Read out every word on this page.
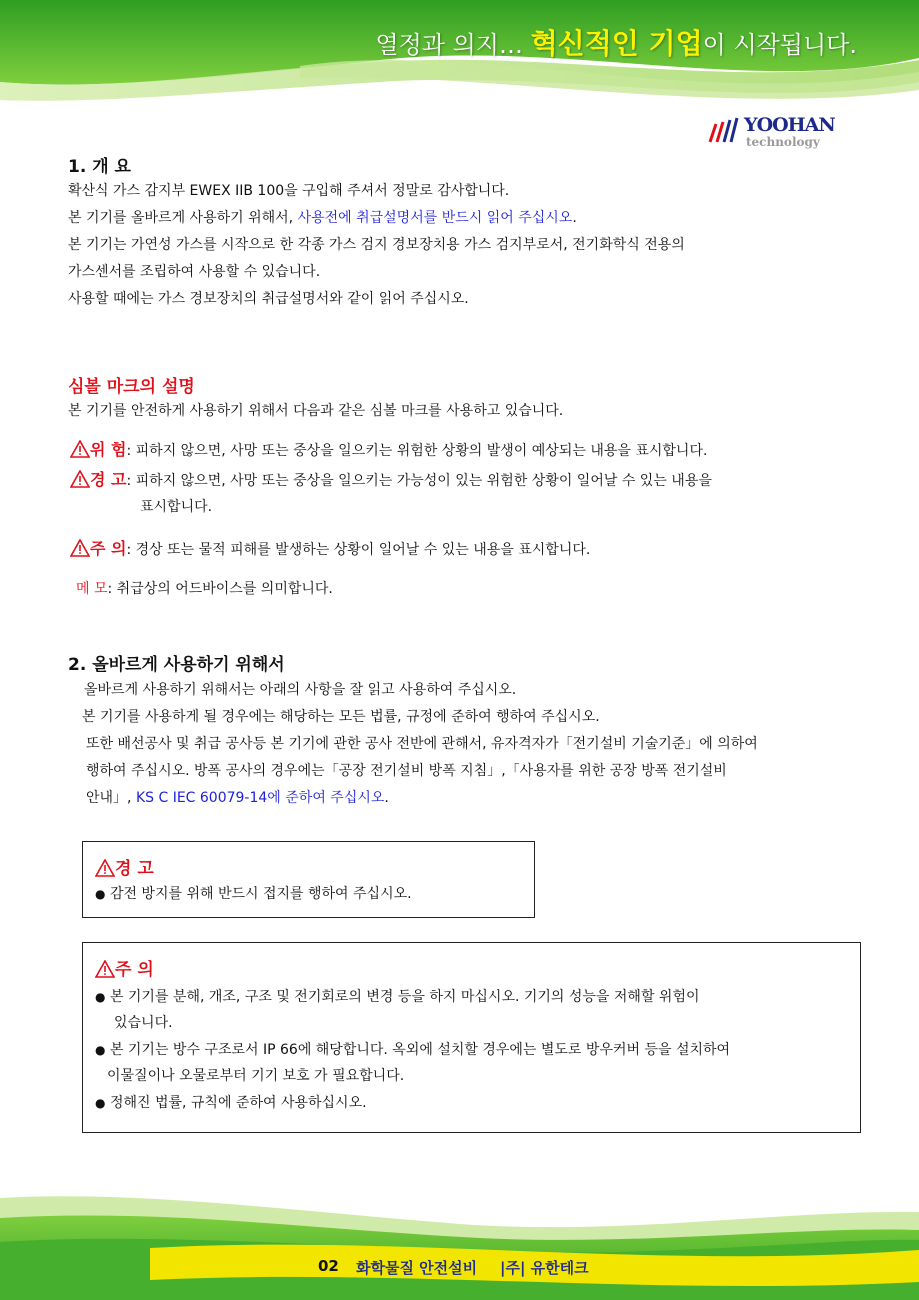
열정과 의지… 혁신적인 기업이 시작됩니다.
YOOHAN
technology
1. 개 요
확산식 가스 감지부 EWEX IIB 100을 구입해 주셔서 정말로 감사합니다.
본 기기를 올바르게 사용하기 위해서, 사용전에 취급설명서를 반드시 읽어 주십시오.
본 기기는 가연성 가스를 시작으로 한 각종 가스 검지 경보장치용 가스 검지부로서, 전기화학식 전용의
가스센서를 조립하여 사용할 수 있습니다.
사용할 때에는 가스 경보장치의 취급설명서와 같이 읽어 주십시오.
심볼 마크의 설명
본 기기를 안전하게 사용하기 위해서 다음과 같은 심볼 마크를 사용하고 있습니다.
위 험: 피하지 않으면, 사망 또는 중상을 일으키는 위험한 상황의 발생이 예상되는 내용을 표시합니다.
경 고: 피하지 않으면, 사망 또는 중상을 일으키는 가능성이 있는 위험한 상황이 일어날 수 있는 내용을
표시합니다.
주 의: 경상 또는 물적 피해를 발생하는 상황이 일어날 수 있는 내용을 표시합니다.
메 모: 취급상의 어드바이스를 의미합니다.
2. 올바르게 사용하기 위해서
올바르게 사용하기 위해서는 아래의 사항을 잘 읽고 사용하여 주십시오.
본 기기를 사용하게 될 경우에는 해당하는 모든 법률, 규정에 준하여 행하여 주십시오.
또한 배선공사 및 취급 공사등 본 기기에 관한 공사 전반에 관해서, 유자격자가「전기설비 기술기준」에 의하여
행하여 주십시오. 방폭 공사의 경우에는「공장 전기설비 방폭 지침」,「사용자를 위한 공장 방폭 전기설비
안내」, KS C IEC 60079-14에 준하여 주십시오.
경 고
● 감전 방지를 위해 반드시 접지를 행하여 주십시오.
주 의
● 본 기기를 분해, 개조, 구조 및 전기회로의 변경 등을 하지 마십시오. 기기의 성능을 저해할 위험이
있습니다.
● 본 기기는 방수 구조로서 IP 66에 해당합니다. 옥외에 설치할 경우에는 별도로 방우커버 등을 설치하여
이물질이나 오물로부터 기기 보호 가 필요합니다.
● 정해진 법률, 규칙에 준하여 사용하십시오.
02 화학물질 안전설비 |주| 유한테크
